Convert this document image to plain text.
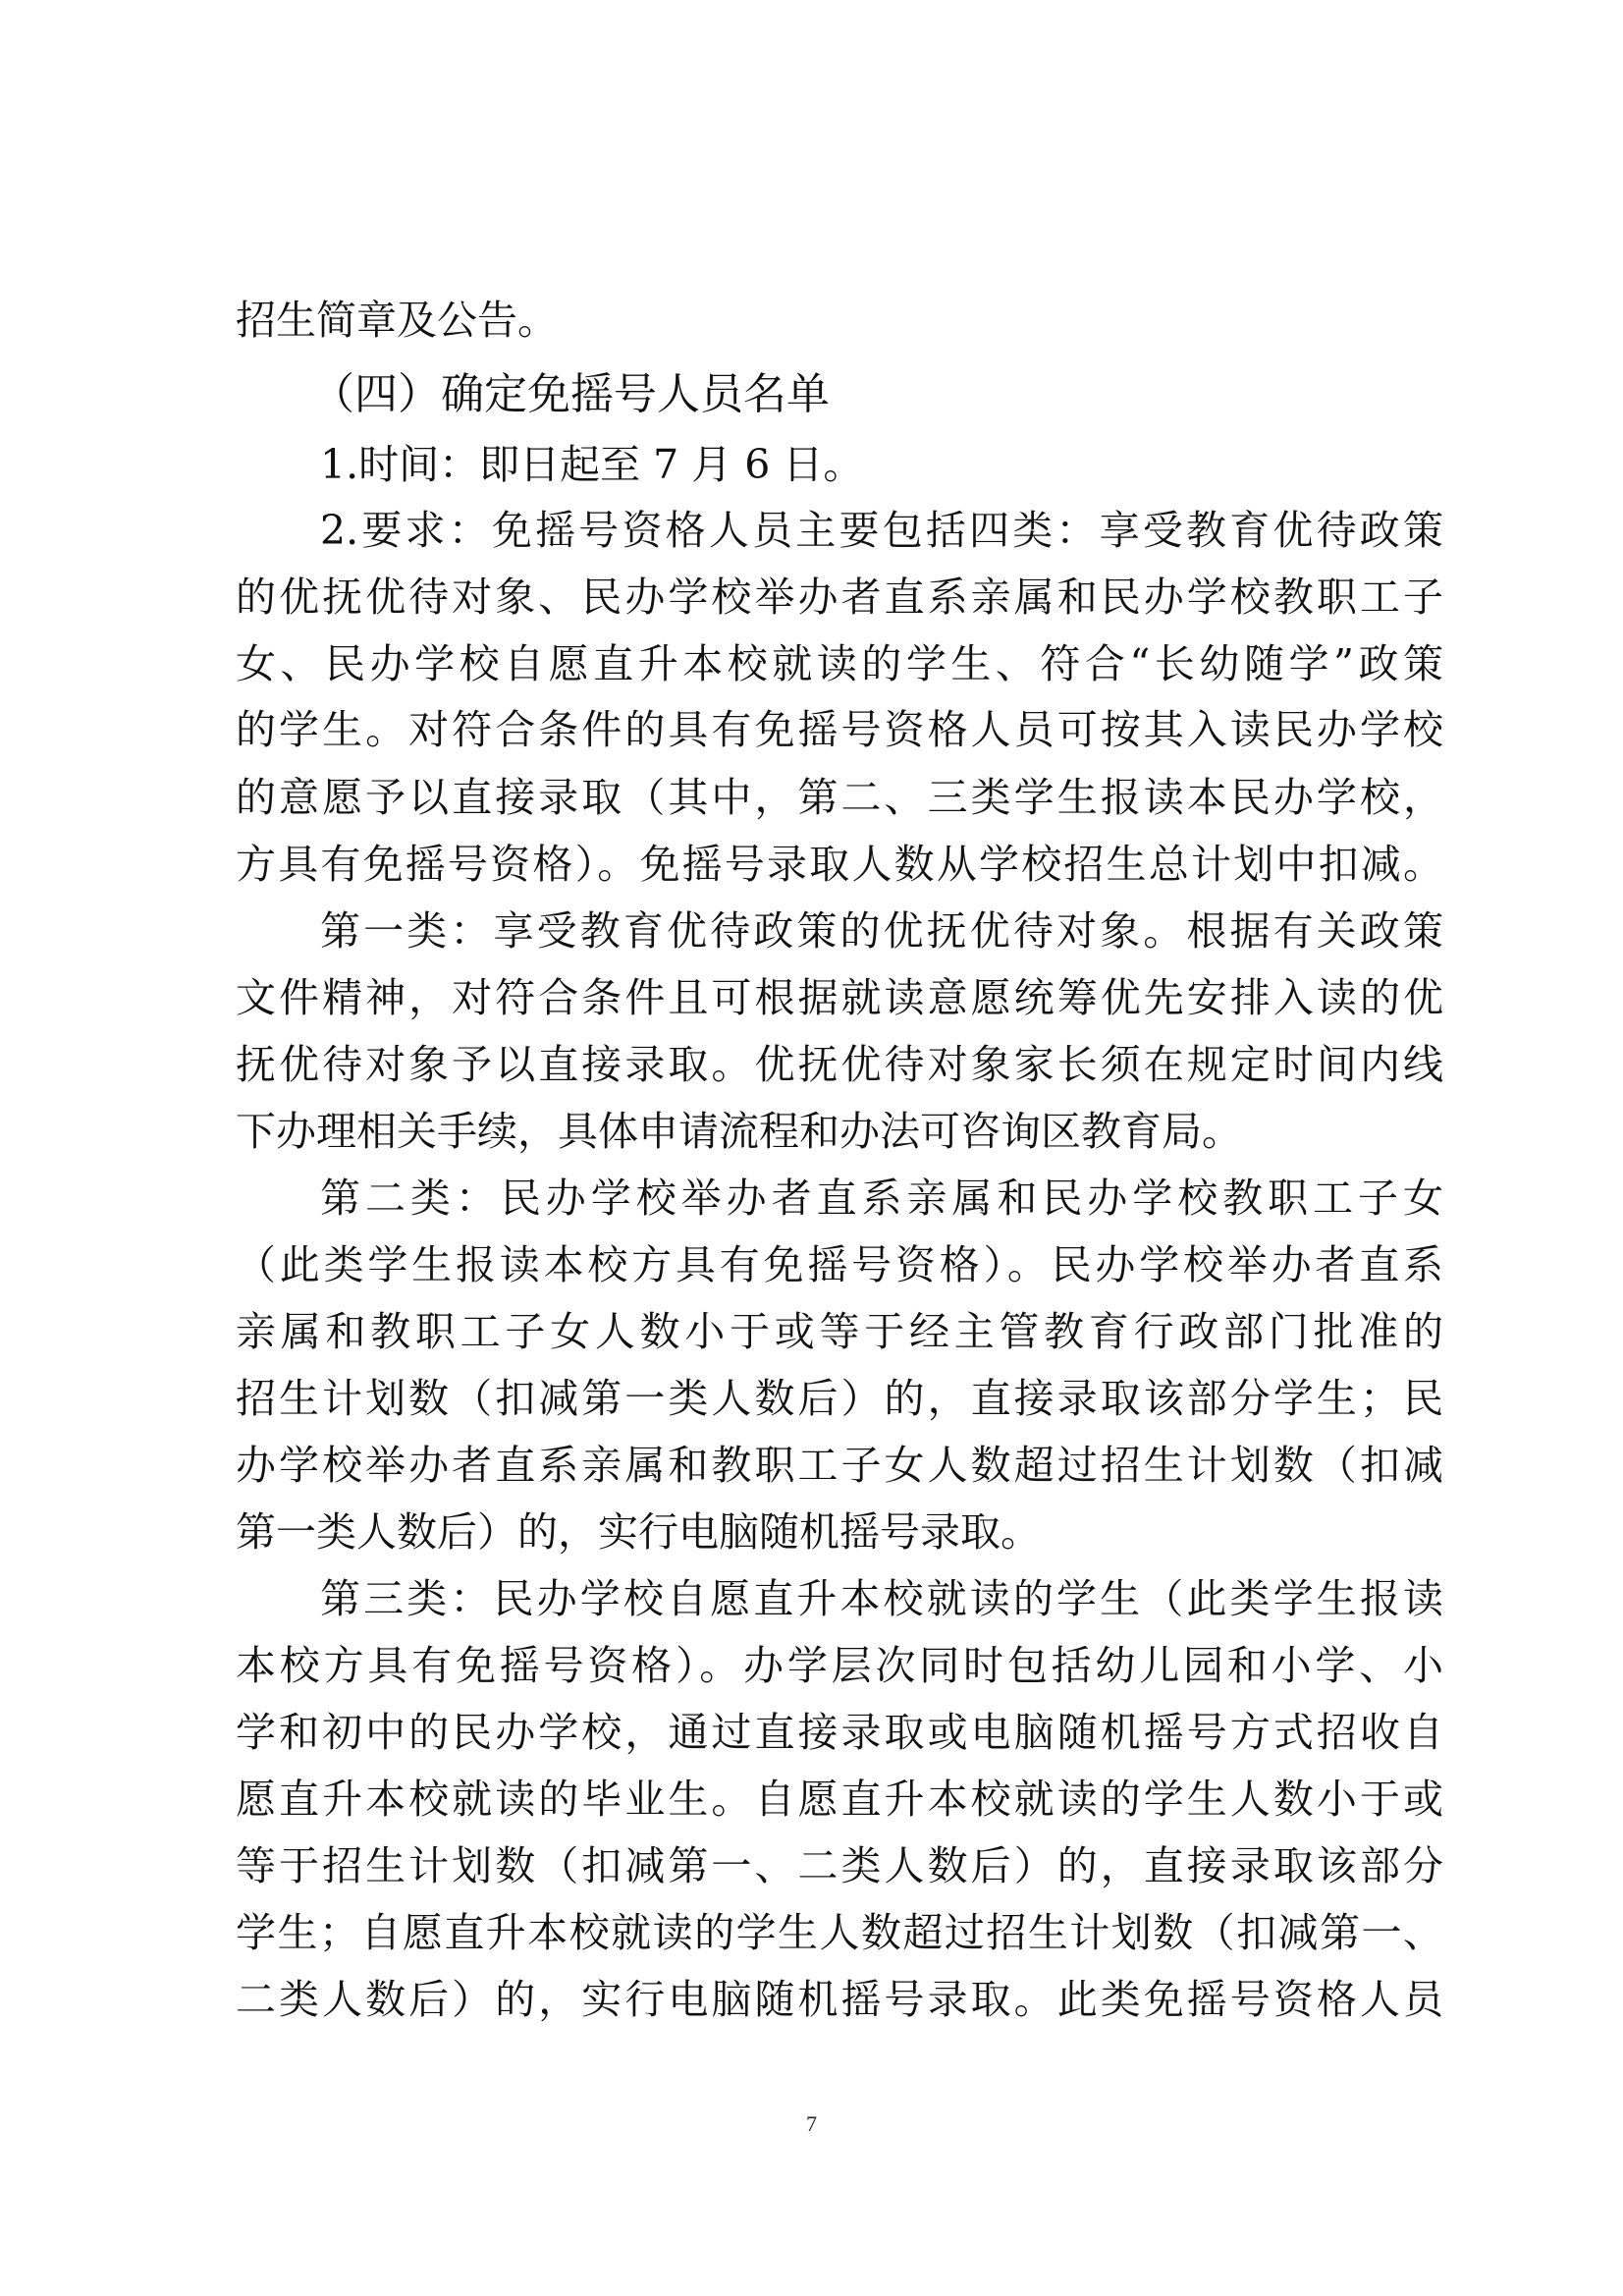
招生简章及公告。
（四）确定免摇号人员名单
1.时间：即日起至 7 月 6 日。
2.要求：免摇号资格人员主要包括四类：享受教育优待政策
的优抚优待对象、民办学校举办者直系亲属和民办学校教职工子
女、民办学校自愿直升本校就读的学生、符合“长幼随学”政策
的学生。对符合条件的具有免摇号资格人员可按其入读民办学校
的意愿予以直接录取（其中，第二、三类学生报读本民办学校，
方具有免摇号资格）。免摇号录取人数从学校招生总计划中扣减。
第一类：享受教育优待政策的优抚优待对象。根据有关政策
文件精神，对符合条件且可根据就读意愿统筹优先安排入读的优
抚优待对象予以直接录取。优抚优待对象家长须在规定时间内线
下办理相关手续，具体申请流程和办法可咨询区教育局。
第二类：民办学校举办者直系亲属和民办学校教职工子女
（此类学生报读本校方具有免摇号资格）。民办学校举办者直系
亲属和教职工子女人数小于或等于经主管教育行政部门批准的
招生计划数（扣减第一类人数后）的，直接录取该部分学生；民
办学校举办者直系亲属和教职工子女人数超过招生计划数（扣减
第一类人数后）的，实行电脑随机摇号录取。
第三类：民办学校自愿直升本校就读的学生（此类学生报读
本校方具有免摇号资格）。办学层次同时包括幼儿园和小学、小
学和初中的民办学校，通过直接录取或电脑随机摇号方式招收自
愿直升本校就读的毕业生。自愿直升本校就读的学生人数小于或
等于招生计划数（扣减第一、二类人数后）的，直接录取该部分
学生；自愿直升本校就读的学生人数超过招生计划数（扣减第一、
二类人数后）的，实行电脑随机摇号录取。此类免摇号资格人员
7
